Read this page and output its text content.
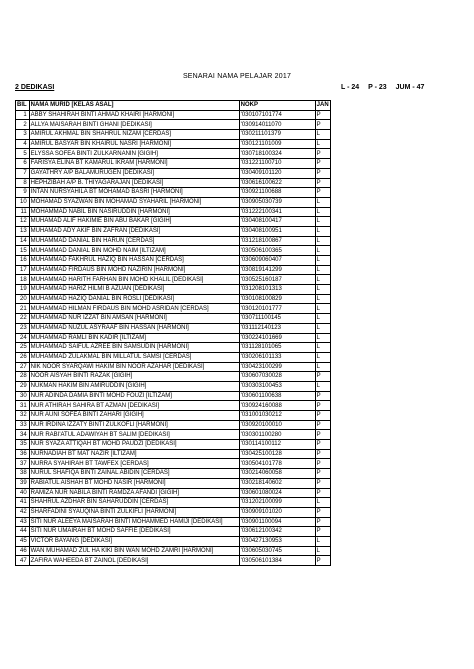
SENARAI NAMA PELAJAR 2017
2 DEDIKASI	L - 24 P - 23 JUM - 47
BIL	NAMA MURID [KELAS ASAL]	NOKP	JAN	
1	ABBY SHAHIRAH BINTI AHMAD KHAIRI [HARMONI]	'030107101774	P	
2	ALLYA MAISARAH BINTI GHANI [DEDIKASI]	'030914011070	P	
3	AMIRUL AKHMAL BIN SHAHRUL NIZAM [CERDAS]	'030211101379	L	
4	AMIRUL BASYAR BIN KHAIRUL NASRI [HARMONI]	'030121101009	L	
5	ELYSSA SOFEA BINTI ZULKARNANIN [GIGIH]	'030718100324	P	
6	FARISYA ELINA BT KAMARUL IKRAM [HARMONI]	'031221100710	P	
7	GAYATHRY A/P BALAMURUGEN [DEDIKASI]	'030409101120	P	
8	HEPHZIBAH A/P B. THIYAGARAJAN [DEDIKASI]	'030616100622	P	
9	INTAN NURSYAHILA BT MOHAMAD BASRI [HARMONI]	'030921100688	P	
10	MOHAMAD SYAZWAN BIN MOHAMAD SYAHARIL [HARMONI]	'030905030739	L	
11	MOHAMMAD NABIL BIN NASIRUDDIN [HARMONI]	'031222100341	L	
12	MUHAMAD ALIF HAKIMIE BIN ABU BAKAR [GIGIH]	'030408100417	L	
13	MUHAMAD ADY AKIF BIN ZAFRAN [DEDIKASI]	'030408100951	L	
14	MUHAMMAD DANIAL BIN HARUN [CERDAS]	'031218100867	L	
15	MUHAMMAD DANIAL BIN MOHD NAIM [ILTIZAM]	'030506100365	L	
16	MUHAMMAD FAKHRUL HAZIQ BIN HASSAN [CERDAS]	'030609060407	L	
17	MUHAMMAD FIRDAUS BIN MOHD NAZIRIN [HARMONI]	'030819141299	L	
18	MUHAMMAD HARITH FARHAN BIN MOHD KHALIL [DEDIKASI]	'030525160187	L	
19	MUHAMMAD HARIZ HILMI B AZUAN [DEDIKASI]	'031208101313	L	
20	MUHAMMAD HAZIQ DANIAL BIN ROSLI [DEDIKASI]	'030108100829	L	
21	MUHAMMAD HILMAN FIRDAUS BIN MOHD ASRIDAN [CERDAS]	'030120101777	L	
22	MUHAMMAD NUR IZZAT BIN AMSAN [HARMONI]	'030711100145	L	
23	MUHAMMAD NUZUL ASYRAAF BIN HASSAN [HARMONI]	'031112140123	L	
24	MUHAMMAD RAMLI BIN KADIR [ILTIZAM]	'030224101669	L	
25	MUHAMMAD SAIFUL AZREE BIN SAMSUDIN [HARMONI]	'031128101065	L	
26	MUHAMMAD ZULAKMAL BIN MILLATUL SAMSI [CERDAS]	'030206101133	L	
27	NIK NOOR SYARQAWI HAKIM BIN NOOR AZAHAR [DEDIKASI]	'030423100299	L	
28	NOOR AISYAH BINTI RAZAK [GIGIH]	'030607030028	P	
29	NUKMAN HAKIM BIN AMIRUDDIN [GIGIH]	'030303100453	L	
30	NUR ADINDA DAMIA BINTI MOHD FOUZI [ILTIZAM]	'030601100638	P	
31	NUR ATHIRAH SAHIRA BT AZMAN [DEDIKASI]	'030924160088	P	
32	NUR AUNI SOFEA BINTI ZAHARI [GIGIH]	'031001030212	P	
33	NUR IRDINA IZZATY BINTI ZULKOFLI [HARMONI]	'030920100010	P	
34	NUR RABI'ATUL ADAWIYAH BT SALIM [DEDIKASI]	'030301100280	P	
35	NUR SYAZA ATTIQAH BT MOHD PAUDZI [DEDIKASI]	'030114100112	P	
36	NURNADIAH BT MAT NAZIR [ILTIZAM]	'030425100128	P	
37	NURRA SYAHIRAH BT TAWFEX [CERDAS]	'030504101778	P	
38	NURUL SHAFIQA BINTI ZAINAL ABIDIN [CERDAS]	'030214060058	P	
39	RABIATUL AISHAH BT MOHD NASIR [HARMONI]	'030218140602	P	
40	RAMIZA NUR NABILA BINTI RAMDZA AFANDI [GIGIH]	'030601080024	P	
41	SHAHRUL AZDHAR BIN SAHARUDDIN [CERDAS]	'031202100099	L	
42	SHARFADINI SYAUQINA BINTI ZULKIFLI [HARMONI]	'030909101020	P	
43	SITI NUR ALEEYA MAISARAH BINTI MOHAMMED HAMIJI [DEDIKASI]	'030901100094	P	
44	SITI NUR UMAIRAH BT MOHD SAFFIE [DEDIKASI]	'030612100342	P	
45	VICTOR BAYANG [DEDIKASI]	'030427130953	L	
46	WAN MUHAMAD ZUL HA KIKI BIN WAN MOHD ZAMRI [HARMONI]	'030605030745	L	
47	ZAFIRA WAHEEDA BT ZAINOL [DEDIKASI]	'030506101384	P	
